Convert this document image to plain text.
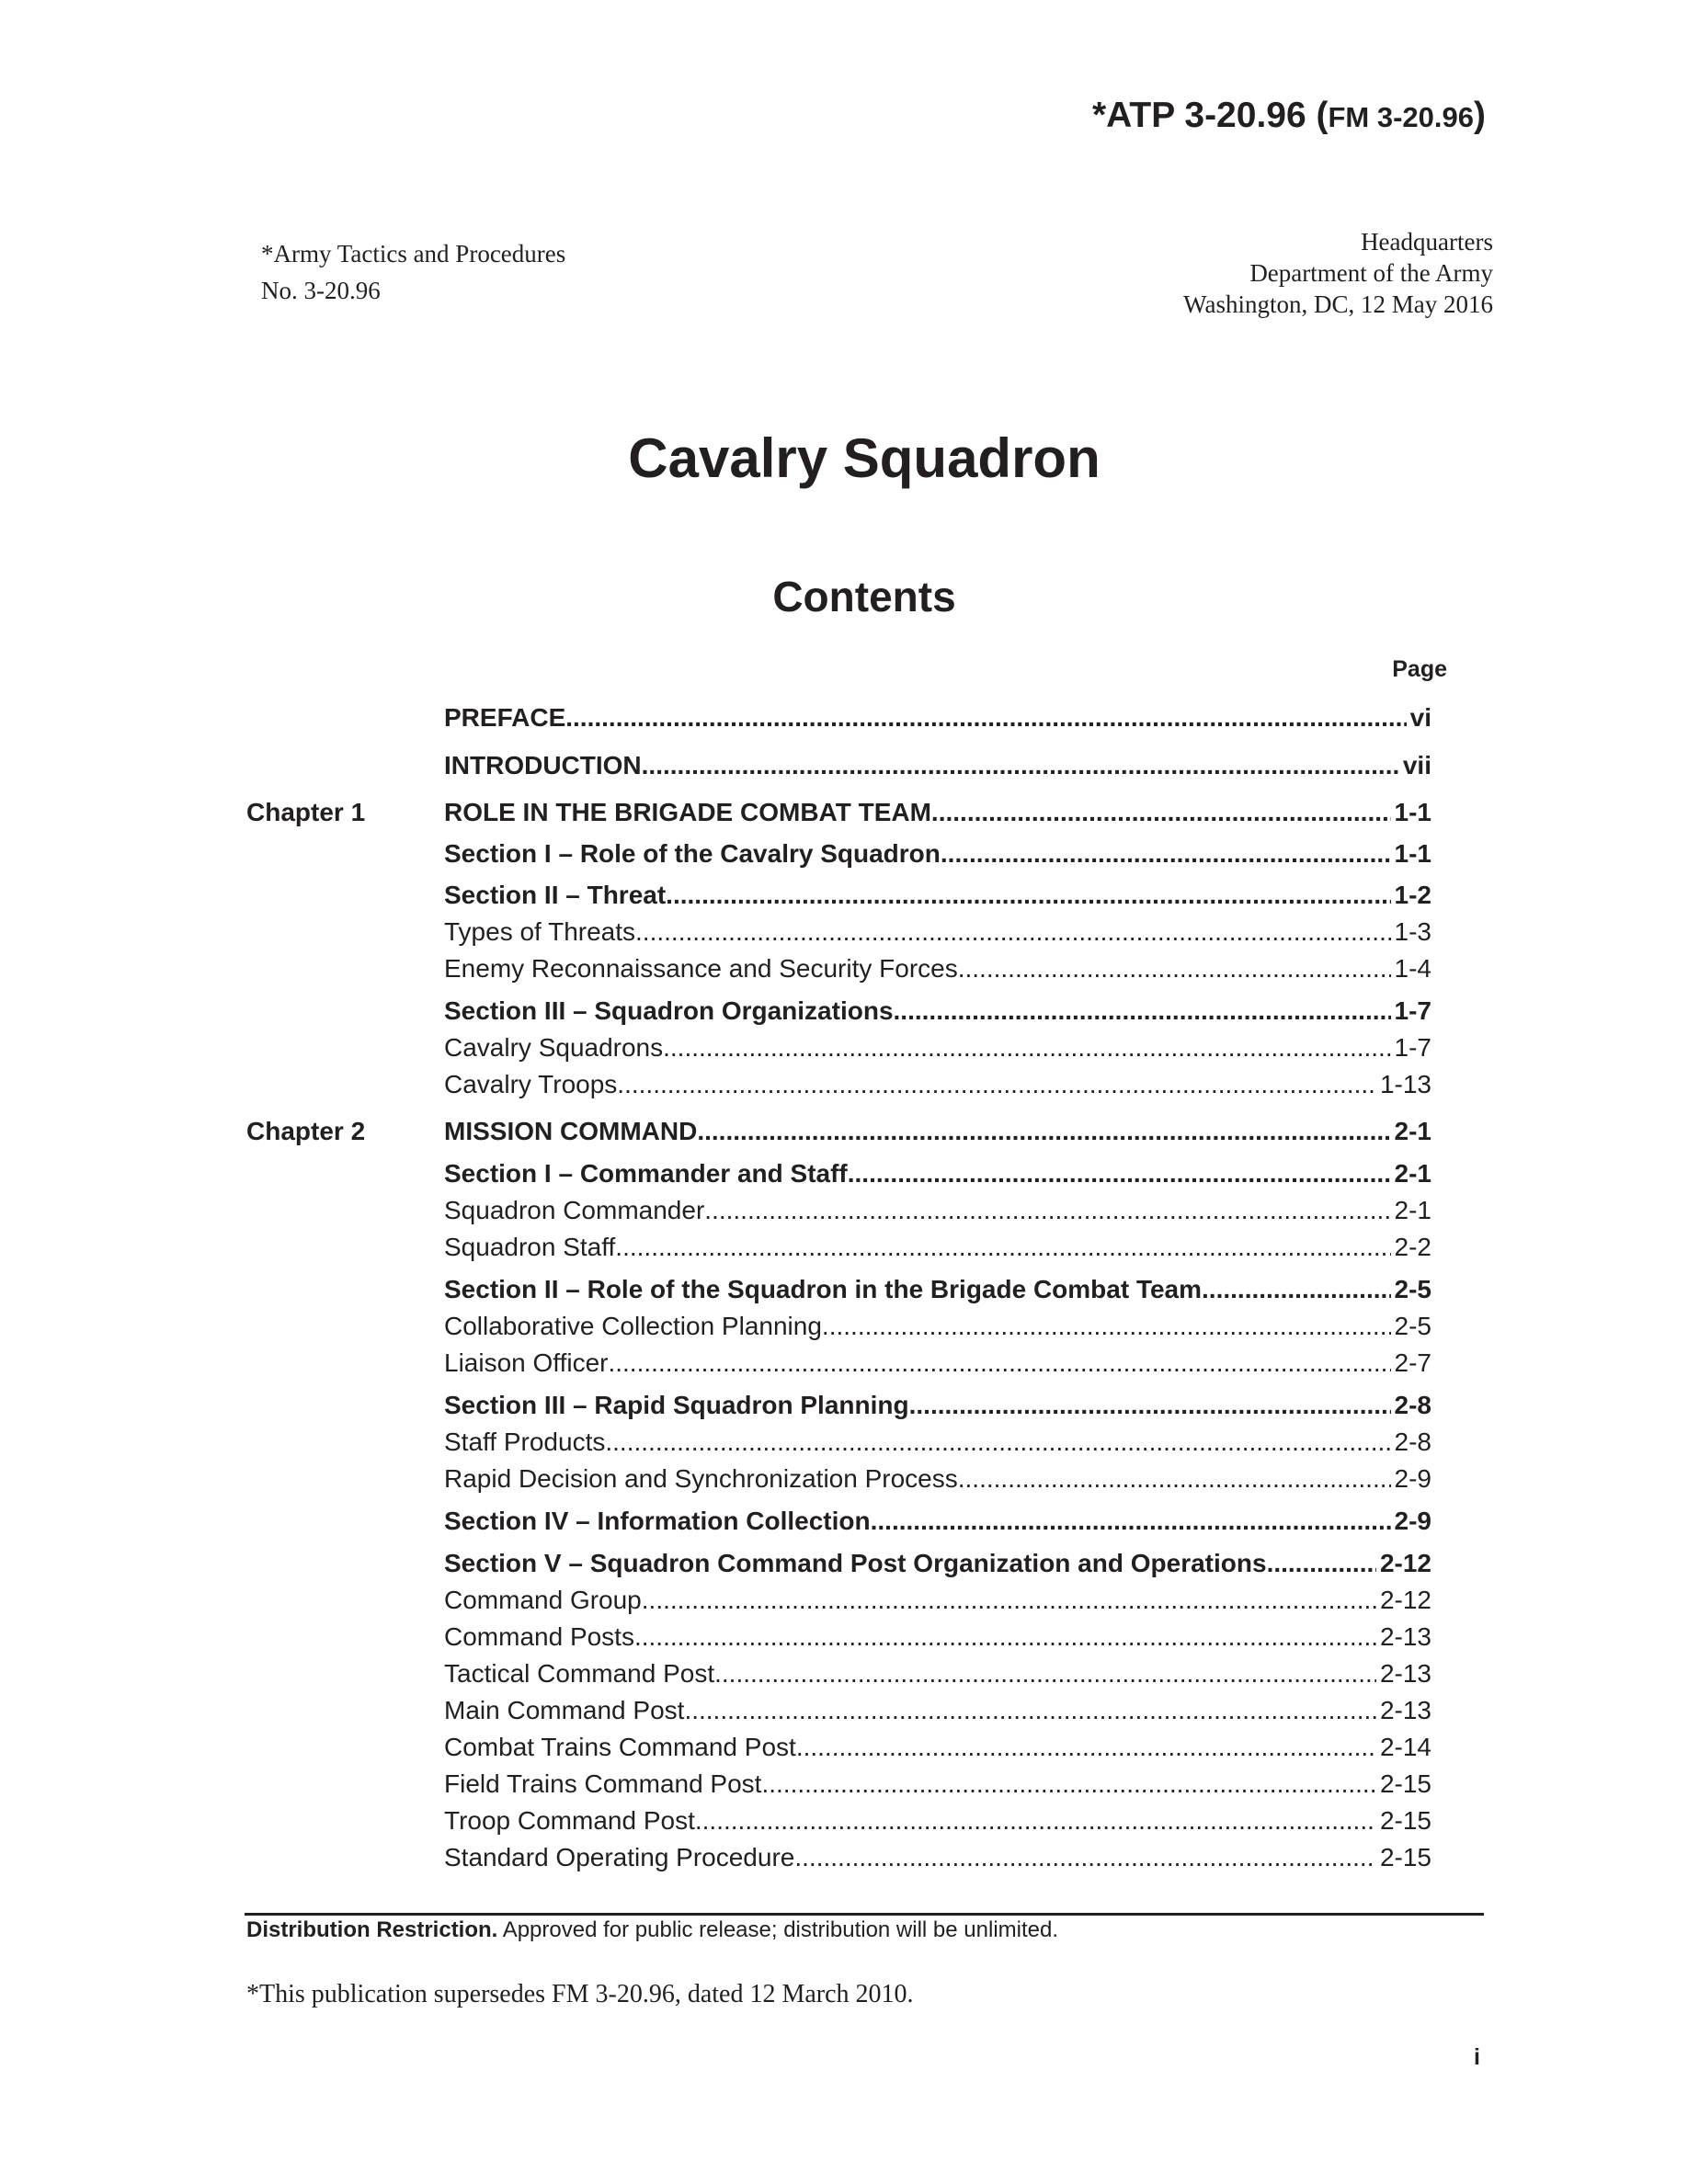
*ATP 3-20.96 (FM 3-20.96)
*Army Tactics and Procedures
No. 3-20.96
Headquarters
Department of the Army
Washington, DC, 12 May 2016
Cavalry Squadron
Contents
Page
PREFACE .....	vi
INTRODUCTION .....	vii
Chapter 1	ROLE IN THE BRIGADE COMBAT TEAM .....	1-1
Section I – Role of the Cavalry Squadron .....	1-1
Section II – Threat .....	1-2
Types of Threats .....	1-3
Enemy Reconnaissance and Security Forces .....	1-4
Section III – Squadron Organizations .....	1-7
Cavalry Squadrons .....	1-7
Cavalry Troops .....	1-13
Chapter 2	MISSION COMMAND .....	2-1
Section I – Commander and Staff .....	2-1
Squadron Commander .....	2-1
Squadron Staff .....	2-2
Section II – Role of the Squadron in the Brigade Combat Team .....	2-5
Collaborative Collection Planning .....	2-5
Liaison Officer .....	2-7
Section III – Rapid Squadron Planning .....	2-8
Staff Products .....	2-8
Rapid Decision and Synchronization Process .....	2-9
Section IV – Information Collection .....	2-9
Section V – Squadron Command Post Organization and Operations .....	2-12
Command Group .....	2-12
Command Posts .....	2-13
Tactical Command Post .....	2-13
Main Command Post .....	2-13
Combat Trains Command Post .....	2-14
Field Trains Command Post .....	2-15
Troop Command Post .....	2-15
Standard Operating Procedure .....	2-15
Distribution Restriction. Approved for public release; distribution will be unlimited.
*This publication supersedes FM 3-20.96, dated 12 March 2010.
i
